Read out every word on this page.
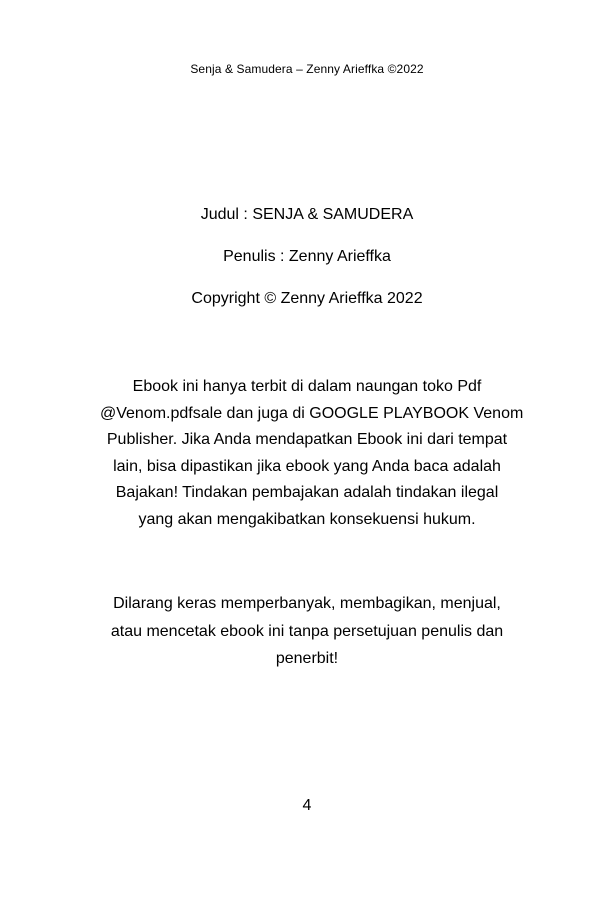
Senja & Samudera – Zenny Arieffka ©2022

Judul : SENJA & SAMUDERA

Penulis : Zenny Arieffka

Copyright © Zenny Arieffka 2022

Ebook ini hanya terbit di dalam naungan toko Pdf
@Venom.pdfsale dan juga di GOOGLE PLAYBOOK Venom
Publisher. Jika Anda mendapatkan Ebook ini dari tempat
lain, bisa dipastikan jika ebook yang Anda baca adalah
Bajakan! Tindakan pembajakan adalah tindakan ilegal
yang akan mengakibatkan konsekuensi hukum.
Dilarang keras memperbanyak, membagikan, menjual,
atau mencetak ebook ini tanpa persetujuan penulis dan
penerbit!
4
